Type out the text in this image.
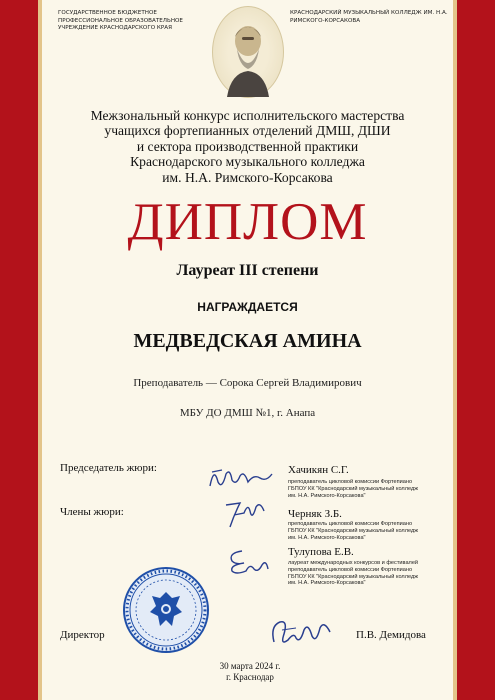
ГОСУДАРСТВЕННОЕ БЮДЖЕТНОЕ ПРОФЕССИОНАЛЬНОЕ ОБРАЗОВАТЕЛЬНОЕ УЧРЕЖДЕНИЕ КРАСНОДАРСКОГО КРАЯ
КРАСНОДАРСКИЙ МУЗЫКАЛЬНЫЙ КОЛЛЕДЖ ИМ. Н.А. РИМСКОГО-КОРСАКОВА
Межзональный конкурс исполнительского мастерства
учащихся фортепианных отделений ДМШ, ДШИ
и сектора производственной практики
Краснодарского музыкального колледжа
им. Н.А. Римского-Корсакова
ДИПЛОМ
Лауреат III степени
НАГРАЖДАЕТСЯ
МЕДВЕДСКАЯ АМИНА
Преподаватель — Сорока Сергей Владимирович
МБУ ДО ДМШ №1, г. Анапа
Председатель жюри:
Члены жюри:
Хачикян С.Г.
преподаватель цикловой комиссии Фортепиано
ГБПОУ КК "Краснодарский музыкальный колледж
им. Н.А. Римского-Корсакова"
Черняк З.Б.
преподаватель цикловой комиссии Фортепиано
ГБПОУ КК "Краснодарский музыкальный колледж
им. Н.А. Римского-Корсакова"
Тулупова Е.В.
лауреат международных конкурсов и фестивалей
преподаватель цикловой комиссии Фортепиано
ГБПОУ КК "Краснодарский музыкальный колледж
им. Н.А. Римского-Корсакова"
Директор	П.В. Демидова
30 марта 2024 г.
г. Краснодар
